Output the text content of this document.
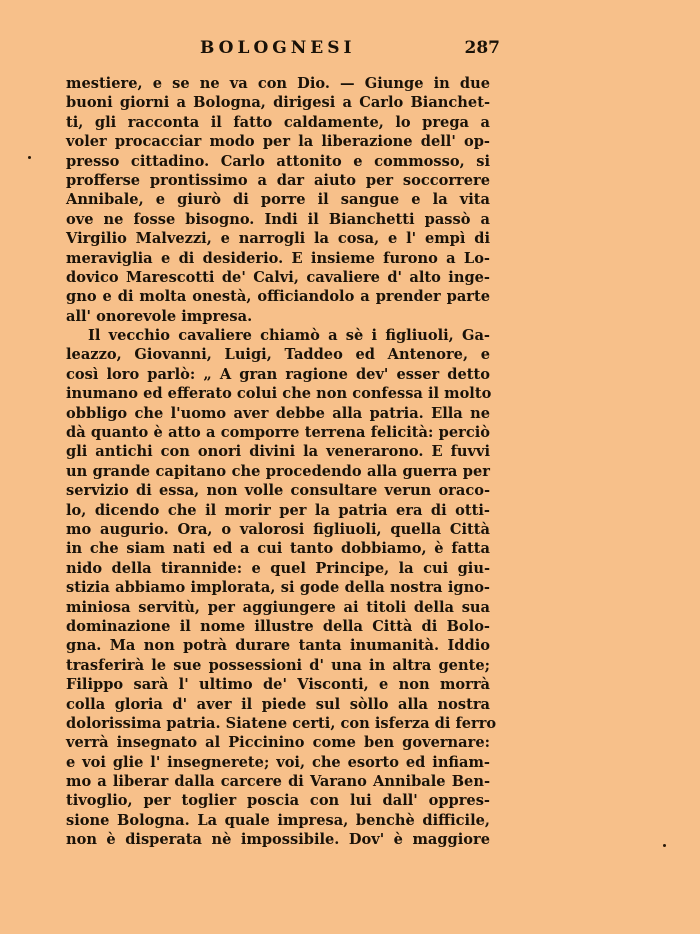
BOLOGNESI	287
mestiere, e se ne va con Dio. — Giunge in due
buoni giorni a Bologna, dirigesi a Carlo Bianchet-
ti, gli racconta il fatto caldamente, lo prega a
voler procacciar modo per la liberazione dell' op-
presso cittadino. Carlo attonito e commosso, si
profferse prontissimo a dar aiuto per soccorrere
Annibale, e giurò di porre il sangue e la vita
ove ne fosse bisogno. Indi il Bianchetti passò a
Virgilio Malvezzi, e narrogli la cosa, e l' empì di
meraviglia e di desiderio. E insieme furono a Lo-
dovico Maresсotti de' Calvi, cavaliere d' alto inge-
gno e di molta onestà, officiandolo a prender parte
all' onorevole impresa.
Il vecchio cavaliere chiamò a sè i figliuoli, Ga-
leazzo, Giovanni, Luigi, Taddeo ed Antenore, e
così loro parlò: „ A gran ragione dev' esser detto
inumano ed efferato colui che non confessa il molto
obbligo che l'uomo aver debbe alla patria. Ella ne
dà quanto è atto a comporre terrena felicità: perciò
gli antichi con onori divini la venerarono. E fuvvi
un grande capitano che procedendo alla guerra per
servizio di essa, non volle consultare verun oraco-
lo, dicendo che il morir per la patria era di otti-
mo augurio. Ora, o valorosi figliuoli, quella Città
in che siam nati ed a cui tanto dobbiamo, è fatta
nido della tirannide: e quel Principe, la cui giu-
stizia abbiamo implorata, si gode della nostra igno-
miniosa servitù, per aggiungere ai titoli della sua
dominazione il nome illustre della Città di Bolo-
gna. Ma non potrà durare tanta inumanità. Iddio
trasferirà le sue possessioni d' una in altra gente;
Filippo sarà l' ultimo de' Visconti, e non morrà
colla gloria d' aver il piede sul sòllo alla nostra
dolorissima patria. Siatene certi, con isferza di ferro
verrà insegnato al Piccinino come ben governare:
e voi glie l' insegnerete; voi, che esorto ed infiam-
mo a liberar dalla carcere di Varano Annibale Ben-
tivoglio, per toglier poscia con lui dall' oppres-
sione Bologna. La quale impresa, benchè difficile,
non è disperata nè impossibile. Dov' è maggiore
